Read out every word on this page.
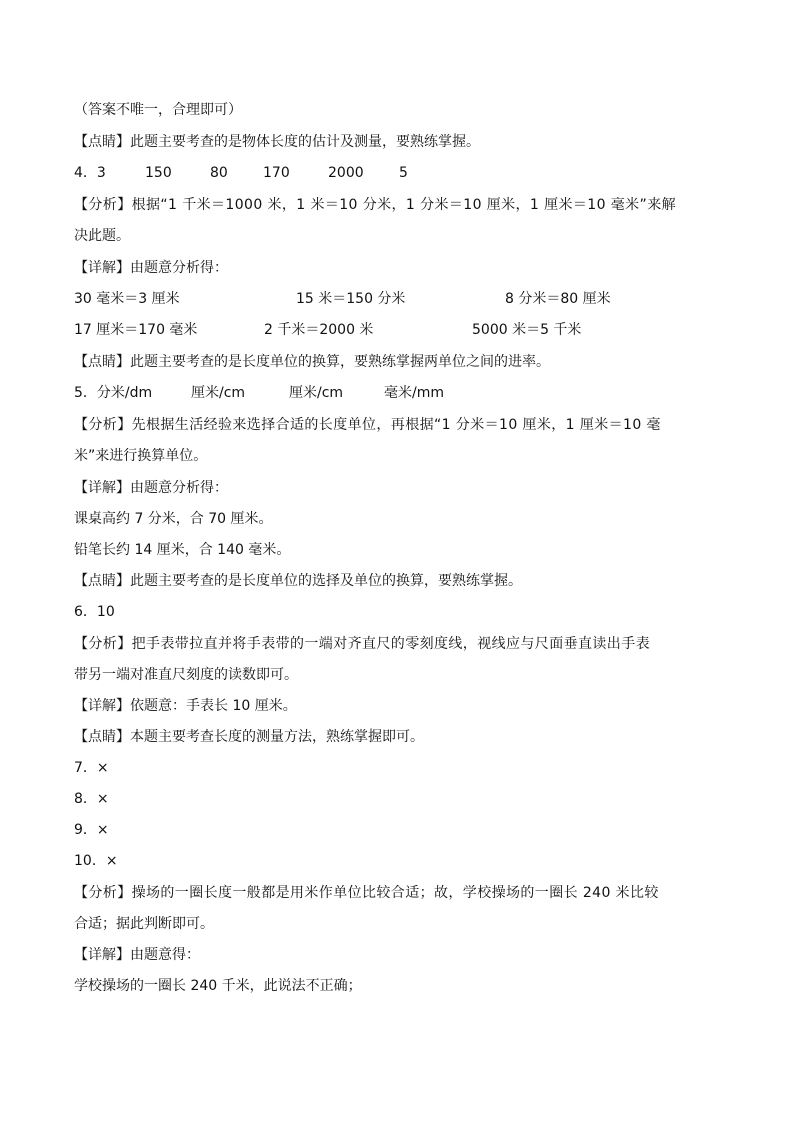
（答案不唯一，合理即可）
【点睛】此题主要考查的是物体长度的估计及测量，要熟练掌握。
4．3	150	80	170	2000	5
【分析】根据“1 千米＝1000 米，1 米＝10 分米，1 分米＝10 厘米，1 厘米＝10 毫米”来解
决此题。
【详解】由题意分析得：
30 毫米＝3 厘米	15 米＝150 分米	8 分米＝80 厘米
17 厘米＝170 毫米	2 千米＝2000 米	5000 米＝5 千米
【点睛】此题主要考查的是长度单位的换算，要熟练掌握两单位之间的进率。
5．分米/dm	厘米/cm	厘米/cm	毫米/mm
【分析】先根据生活经验来选择合适的长度单位，再根据“1 分米＝10 厘米，1 厘米＝10 毫
米”来进行换算单位。
【详解】由题意分析得：
课桌高约 7 分米，合 70 厘米。
铅笔长约 14 厘米，合 140 毫米。
【点睛】此题主要考查的是长度单位的选择及单位的换算，要熟练掌握。
6．10
【分析】把手表带拉直并将手表带的一端对齐直尺的零刻度线，视线应与尺面垂直读出手表
带另一端对准直尺刻度的读数即可。
【详解】依题意：手表长 10 厘米。
【点睛】本题主要考查长度的测量方法，熟练掌握即可。
7．×
8．×
9．×
10．×
【分析】操场的一圈长度一般都是用米作单位比较合适；故，学校操场的一圈长 240 米比较
合适；据此判断即可。
【详解】由题意得：
学校操场的一圈长 240 千米，此说法不正确；
